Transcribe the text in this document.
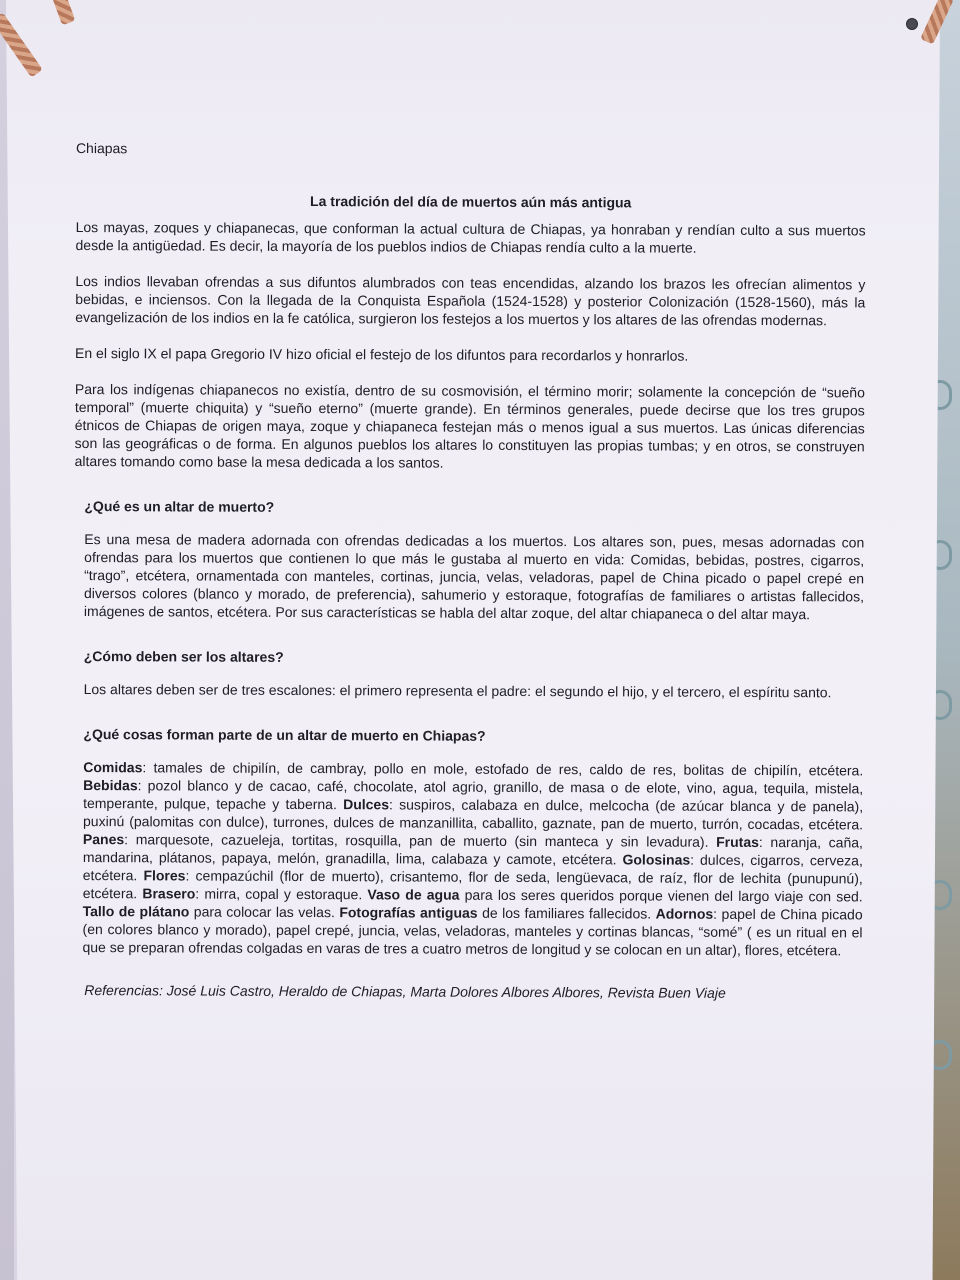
Chiapas

La tradición del día de muertos aún más antigua

Los mayas, zoques y chiapanecas, que conforman la actual cultura de Chiapas, ya honraban y rendían culto a sus muertos desde la antigüedad. Es decir, la mayoría de los pueblos indios de Chiapas rendía culto a la muerte.

Los indios llevaban ofrendas a sus difuntos alumbrados con teas encendidas, alzando los brazos les ofrecían alimentos y bebidas, e inciensos. Con la llegada de la Conquista Española (1524-1528) y posterior Colonización (1528-1560), más la evangelización de los indios en la fe católica, surgieron los festejos a los muertos y los altares de las ofrendas modernas.

En el siglo IX el papa Gregorio IV hizo oficial el festejo de los difuntos para recordarlos y honrarlos.

Para los indígenas chiapanecos no existía, dentro de su cosmovisión, el término morir; solamente la concepción de “sueño temporal” (muerte chiquita) y “sueño eterno” (muerte grande). En términos generales, puede decirse que los tres grupos étnicos de Chiapas de origen maya, zoque y chiapaneca festejan más o menos igual a sus muertos. Las únicas diferencias son las geográficas o de forma. En algunos pueblos los altares lo constituyen las propias tumbas; y en otros, se construyen altares tomando como base la mesa dedicada a los santos.

¿Qué es un altar de muerto?

Es una mesa de madera adornada con ofrendas dedicadas a los muertos. Los altares son, pues, mesas adornadas con ofrendas para los muertos que contienen lo que más le gustaba al muerto en vida: Comidas, bebidas, postres, cigarros, “trago”, etcétera, ornamentada con manteles, cortinas, juncia, velas, veladoras, papel de China picado o papel crepé en diversos colores (blanco y morado, de preferencia), sahumerio y estoraque, fotografías de familiares o artistas fallecidos, imágenes de santos, etcétera. Por sus características se habla del altar zoque, del altar chiapaneca o del altar maya.

¿Cómo deben ser los altares?

Los altares deben ser de tres escalones: el primero representa el padre: el segundo el hijo, y el tercero, el espíritu santo.

¿Qué cosas forman parte de un altar de muerto en Chiapas?

Comidas: tamales de chipilín, de cambray, pollo en mole, estofado de res, caldo de res, bolitas de chipilín, etcétera. Bebidas: pozol blanco y de cacao, café, chocolate, atol agrio, granillo, de masa o de elote, vino, agua, tequila, mistela, temperante, pulque, tepache y taberna. Dulces: suspiros, calabaza en dulce, melcocha (de azúcar blanca y de panela), puxinú (palomitas con dulce), turrones, dulces de manzanillita, caballito, gaznate, pan de muerto, turrón, cocadas, etcétera. Panes: marquesote, cazueleja, tortitas, rosquilla, pan de muerto (sin manteca y sin levadura). Frutas: naranja, caña, mandarina, plátanos, papaya, melón, granadilla, lima, calabaza y camote, etcétera. Golosinas: dulces, cigarros, cerveza, etcétera. Flores: cempazúchil (flor de muerto), crisantemo, flor de seda, lengüevaca, de raíz, flor de lechita (punupunú), etcétera. Brasero: mirra, copal y estoraque. Vaso de agua para los seres queridos porque vienen del largo viaje con sed. Tallo de plátano para colocar las velas. Fotografías antiguas de los familiares fallecidos. Adornos: papel de China picado (en colores blanco y morado), papel crepé, juncia, velas, veladoras, manteles y cortinas blancas, “somé” ( es un ritual en el que se preparan ofrendas colgadas en varas de tres a cuatro metros de longitud y se colocan en un altar), flores, etcétera.

Referencias: José Luis Castro, Heraldo de Chiapas, Marta Dolores Albores Albores, Revista Buen Viaje
